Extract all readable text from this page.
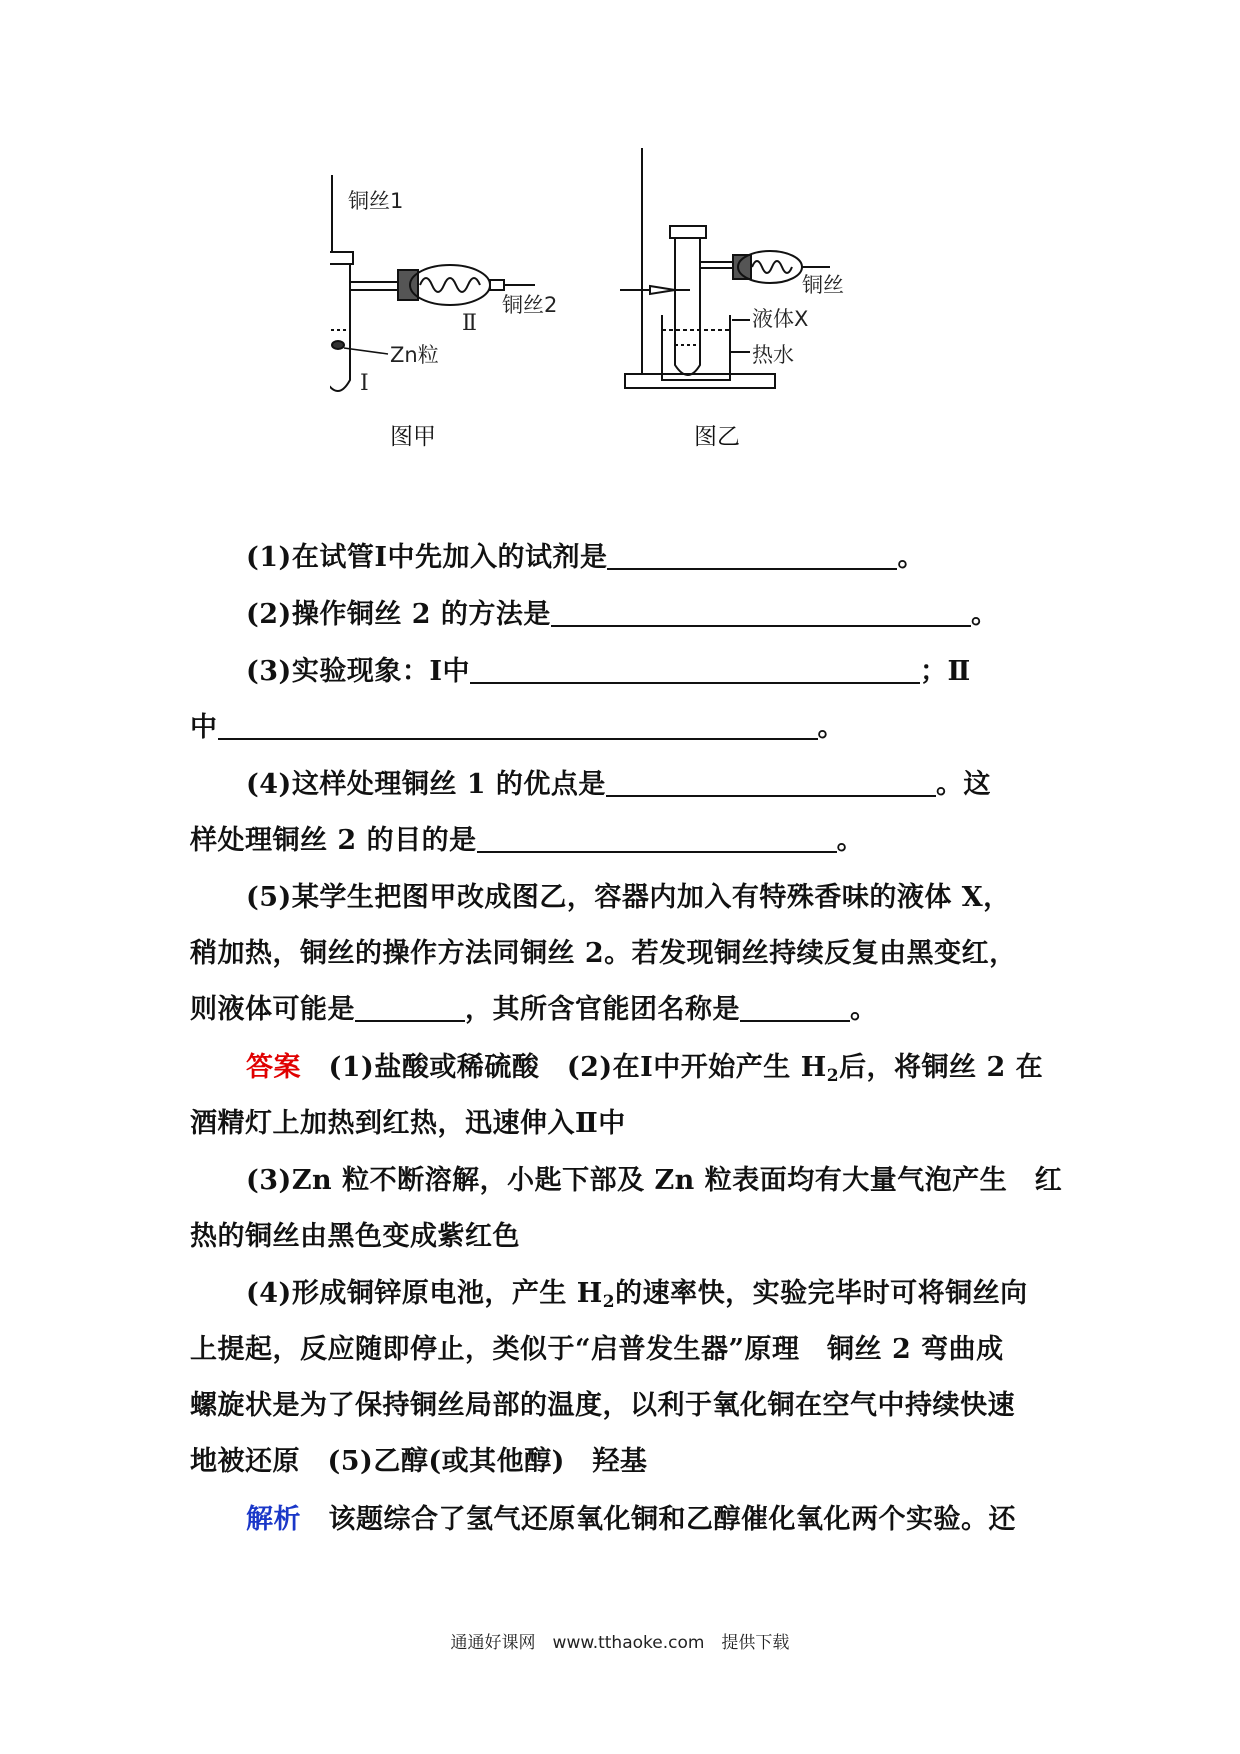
铜丝1
铜丝2
Zn粒
Ⅰ
Ⅱ
铜丝
液体X
热水
图甲	图乙
(1)在试管Ⅰ中先加入的试剂是	。
(2)操作铜丝 2 的方法是	。
(3)实验现象：Ⅰ中	；Ⅱ
中	。
(4)这样处理铜丝 1 的优点是	。这
样处理铜丝 2 的目的是	。
(5)某学生把图甲改成图乙，容器内加入有特殊香味的液体 X，
稍加热，铜丝的操作方法同铜丝 2。若发现铜丝持续反复由黑变红，
则液体可能是	，其所含官能团名称是	。
答案　(1)盐酸或稀硫酸　(2)在Ⅰ中开始产生 $H_2$后，将铜丝 2 在
酒精灯上加热到红热，迅速伸入Ⅱ中
(3)Zn 粒不断溶解，小匙下部及 Zn 粒表面均有大量气泡产生　红
热的铜丝由黑色变成紫红色
(4)形成铜锌原电池，产生 $H_2$的速率快，实验完毕时可将铜丝向
上提起，反应随即停止，类似于“启普发生器”原理　铜丝 2 弯曲成
螺旋状是为了保持铜丝局部的温度，以利于氧化铜在空气中持续快速
地被还原　(5)乙醇(或其他醇)　羟基
解析　该题综合了氢气还原氧化铜和乙醇催化氧化两个实验。还
通通好课网　www.tthaoke.com　提供下载
